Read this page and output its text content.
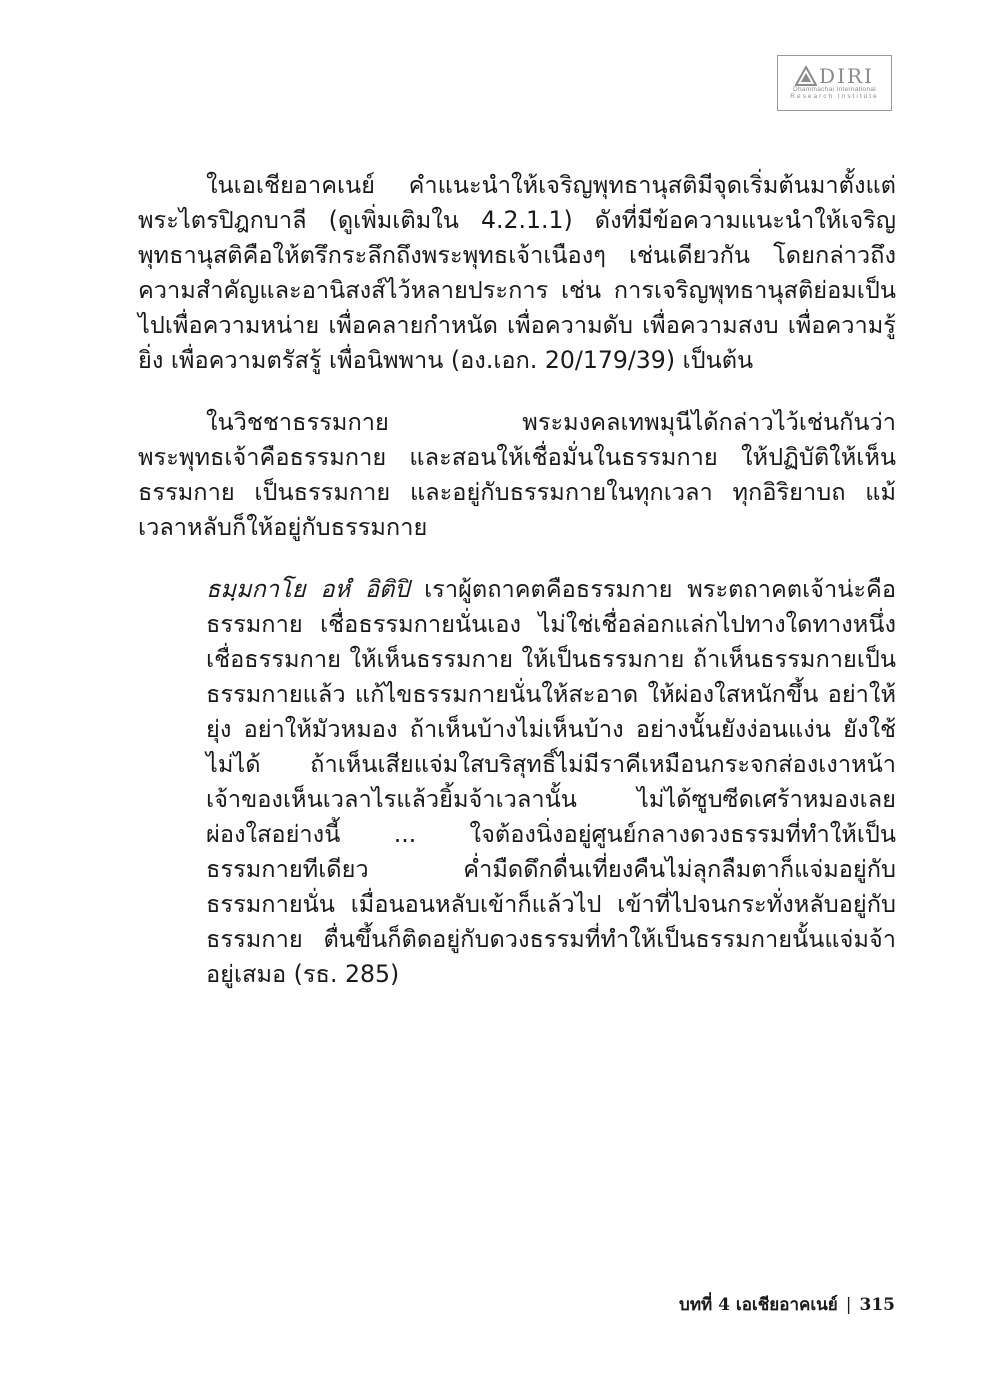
DIRI
Dhammachai International
Research Institute

ในเอเชียอาคเนย์ คำแนะนำให้เจริญพุทธานุสติมีจุดเริ่มต้นมาตั้งแต่พระไตรปิฎกบาลี (ดูเพิ่มเติมใน 4.2.1.1) ดังที่มีข้อความแนะนำให้เจริญพุทธานุสติคือให้ตรึกระลึกถึงพระพุทธเจ้าเนืองๆ เช่นเดียวกัน โดยกล่าวถึงความสำคัญและอานิสงส์ไว้หลายประการ เช่น การเจริญพุทธานุสติย่อมเป็นไปเพื่อความหน่าย เพื่อคลายกำหนัด เพื่อความดับ เพื่อความสงบ เพื่อความรู้ยิ่ง เพื่อความตรัสรู้ เพื่อนิพพาน (อง.เอก. 20/179/39) เป็นต้น

ในวิชชาธรรมกาย พระมงคลเทพมุนีได้กล่าวไว้เช่นกันว่า พระพุทธเจ้าคือธรรมกาย และสอนให้เชื่อมั่นในธรรมกาย ให้ปฏิบัติให้เห็นธรรมกาย เป็นธรรมกาย และอยู่กับธรรมกายในทุกเวลา ทุกอิริยาบถ แม้เวลาหลับก็ให้อยู่กับธรรมกาย

ธมฺมกาโย อหํ อิติปิ เราผู้ตถาคตคือธรรมกาย พระตถาคตเจ้าน่ะคือธรรมกาย เชื่อธรรมกายนั่นเอง ไม่ใช่เชื่อล่อกแล่กไปทางใดทางหนึ่ง เชื่อธรรมกาย ให้เห็นธรรมกาย ให้เป็นธรรมกาย ถ้าเห็นธรรมกายเป็นธรรมกายแล้ว แก้ไขธรรมกายนั่นให้สะอาด ให้ผ่องใสหนักขึ้น อย่าให้ยุ่ง อย่าให้มัวหมอง ถ้าเห็นบ้างไม่เห็นบ้าง อย่างนั้นยังง่อนแง่น ยังใช้ไม่ได้ ถ้าเห็นเสียแจ่มใสบริสุทธิ์ไม่มีราคีเหมือนกระจกส่องเงาหน้า เจ้าของเห็นเวลาไรแล้วยิ้มจ้าเวลานั้น ไม่ได้ซูบซีดเศร้าหมองเลย ผ่องใสอย่างนี้ ... ใจต้องนิ่งอยู่ศูนย์กลางดวงธรรมที่ทำให้เป็นธรรมกายทีเดียว ค่ำมืดดึกดื่นเที่ยงคืนไม่ลุกลืมตาก็แจ่มอยู่กับธรรมกายนั่น เมื่อนอนหลับเข้าก็แล้วไป เข้าที่ไปจนกระทั่งหลับอยู่กับธรรมกาย ตื่นขึ้นก็ติดอยู่กับดวงธรรมที่ทำให้เป็นธรรมกายนั้นแจ่มจ้าอยู่เสมอ (รธ. 285)

บทที่ 4 เอเชียอาคเนย์ | 315
